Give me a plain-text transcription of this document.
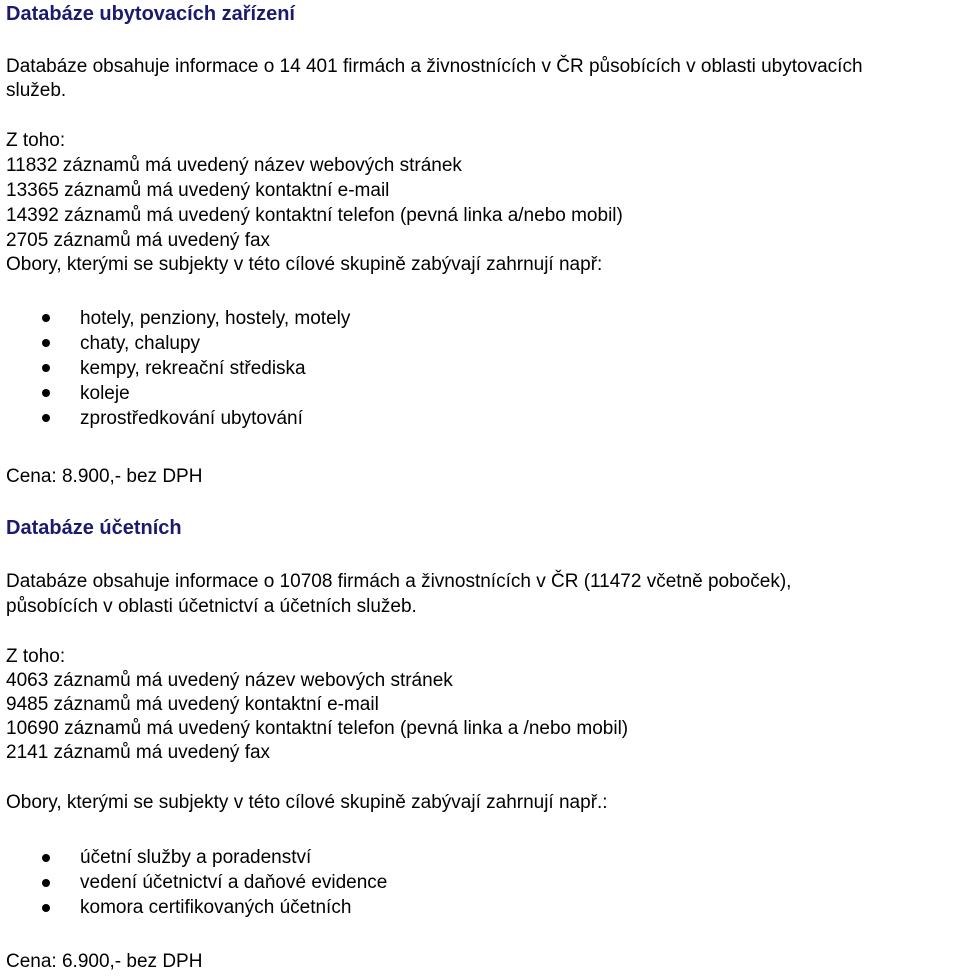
Databáze ubytovacích zařízení
Databáze obsahuje informace o 14 401 firmách a živnostnících v ČR působících v oblasti ubytovacích
služeb.
Z toho:
11832 záznamů má uvedený název webových stránek
13365 záznamů má uvedený kontaktní e-mail
14392 záznamů má uvedený kontaktní telefon (pevná linka a/nebo mobil)
2705 záznamů má uvedený fax
Obory, kterými se subjekty v této cílové skupině zabývají zahrnují např:
hotely, penziony, hostely, motely
chaty, chalupy
kempy, rekreační střediska
koleje
zprostředkování ubytování
Cena: 8.900,- bez DPH
Databáze účetních
Databáze obsahuje informace o 10708 firmách a živnostnících v ČR (11472 včetně poboček),
působících v oblasti účetnictví a účetních služeb.
Z toho:
4063 záznamů má uvedený název webových stránek
9485 záznamů má uvedený kontaktní e-mail
10690 záznamů má uvedený kontaktní telefon (pevná linka a /nebo mobil)
2141 záznamů má uvedený fax
Obory, kterými se subjekty v této cílové skupině zabývají zahrnují např.:
účetní služby a poradenství
vedení účetnictví a daňové evidence
komora certifikovaných účetních
Cena: 6.900,- bez DPH
